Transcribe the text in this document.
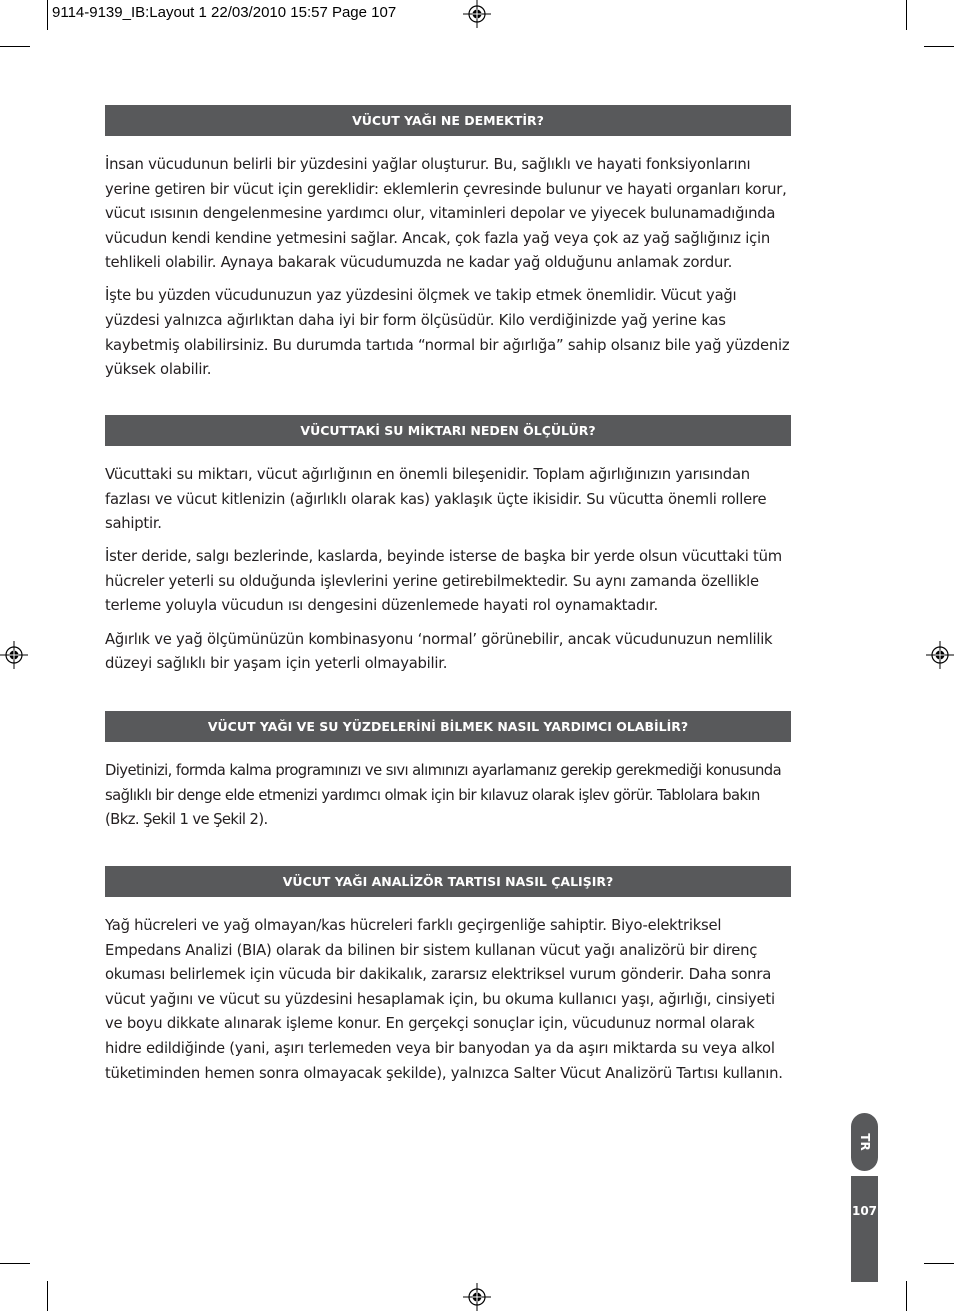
9114-9139_IB:Layout 1 22/03/2010 15:57 Page 107
VÜCUT YAĞI NE DEMEKTİR?

İnsan vücudunun belirli bir yüzdesini yağlar oluşturur. Bu, sağlıklı ve hayati fonksiyonlarını yerine getiren bir vücut için gereklidir: eklemlerin çevresinde bulunur ve hayati organları korur, vücut ısısının dengelenmesine yardımcı olur, vitaminleri depolar ve yiyecek bulunamadığında vücudun kendi kendine yetmesini sağlar. Ancak, çok fazla yağ veya çok az yağ sağlığınız için tehlikeli olabilir. Aynaya bakarak vücudumuzda ne kadar yağ olduğunu anlamak zordur.

İşte bu yüzden vücudunuzun yaz yüzdesini ölçmek ve takip etmek önemlidir. Vücut yağı yüzdesi yalnızca ağırlıktan daha iyi bir form ölçüsüdür. Kilo verdiğinizde yağ yerine kas kaybetmiş olabilirsiniz. Bu durumda tartıda “normal bir ağırlığa” sahip olsanız bile yağ yüzdeniz yüksek olabilir.

VÜCUTTAKİ SU MİKTARI NEDEN ÖLÇÜLÜR?

Vücuttaki su miktarı, vücut ağırlığının en önemli bileşenidir. Toplam ağırlığınızın yarısından fazlası ve vücut kitlenizin (ağırlıklı olarak kas) yaklaşık üçte ikisidir. Su vücutta önemli rollere sahiptir.

İster deride, salgı bezlerinde, kaslarda, beyinde isterse de başka bir yerde olsun vücuttaki tüm hücreler yeterli su olduğunda işlevlerini yerine getirebilmektedir. Su aynı zamanda özellikle terleme yoluyla vücudun ısı dengesini düzenlemede hayati rol oynamaktadır.

Ağırlık ve yağ ölçümünüzün kombinasyonu ‘normal’ görünebilir, ancak vücudunuzun nemlilik düzeyi sağlıklı bir yaşam için yeterli olmayabilir.

VÜCUT YAĞI VE SU YÜZDELERİNİ BİLMEK NASIL YARDIMCI OLABİLİR?

Diyetinizi, formda kalma programınızı ve sıvı alımınızı ayarlamanız gerekip gerekmediği konusunda sağlıklı bir denge elde etmenizi yardımcı olmak için bir kılavuz olarak işlev görür. Tablolara bakın (Bkz. Şekil 1 ve Şekil 2).

VÜCUT YAĞI ANALİZÖR TARTISI NASIL ÇALIŞIR?

Yağ hücreleri ve yağ olmayan/kas hücreleri farklı geçirgenliğe sahiptir. Biyo-elektriksel Empedans Analizi (BIA) olarak da bilinen bir sistem kullanan vücut yağı analizörü bir direnç okuması belirlemek için vücuda bir dakikalık, zararsız elektriksel vurum gönderir. Daha sonra vücut yağını ve vücut su yüzdesini hesaplamak için, bu okuma kullanıcı yaşı, ağırlığı, cinsiyeti ve boyu dikkate alınarak işleme konur. En gerçekçi sonuçlar için, vücudunuz normal olarak hidre edildiğinde (yani, aşırı terlemeden veya bir banyodan ya da aşırı miktarda su veya alkol tüketiminden hemen sonra olmayacak şekilde), yalnızca Salter Vücut Analizörü Tartısı kullanın.

TR
107
